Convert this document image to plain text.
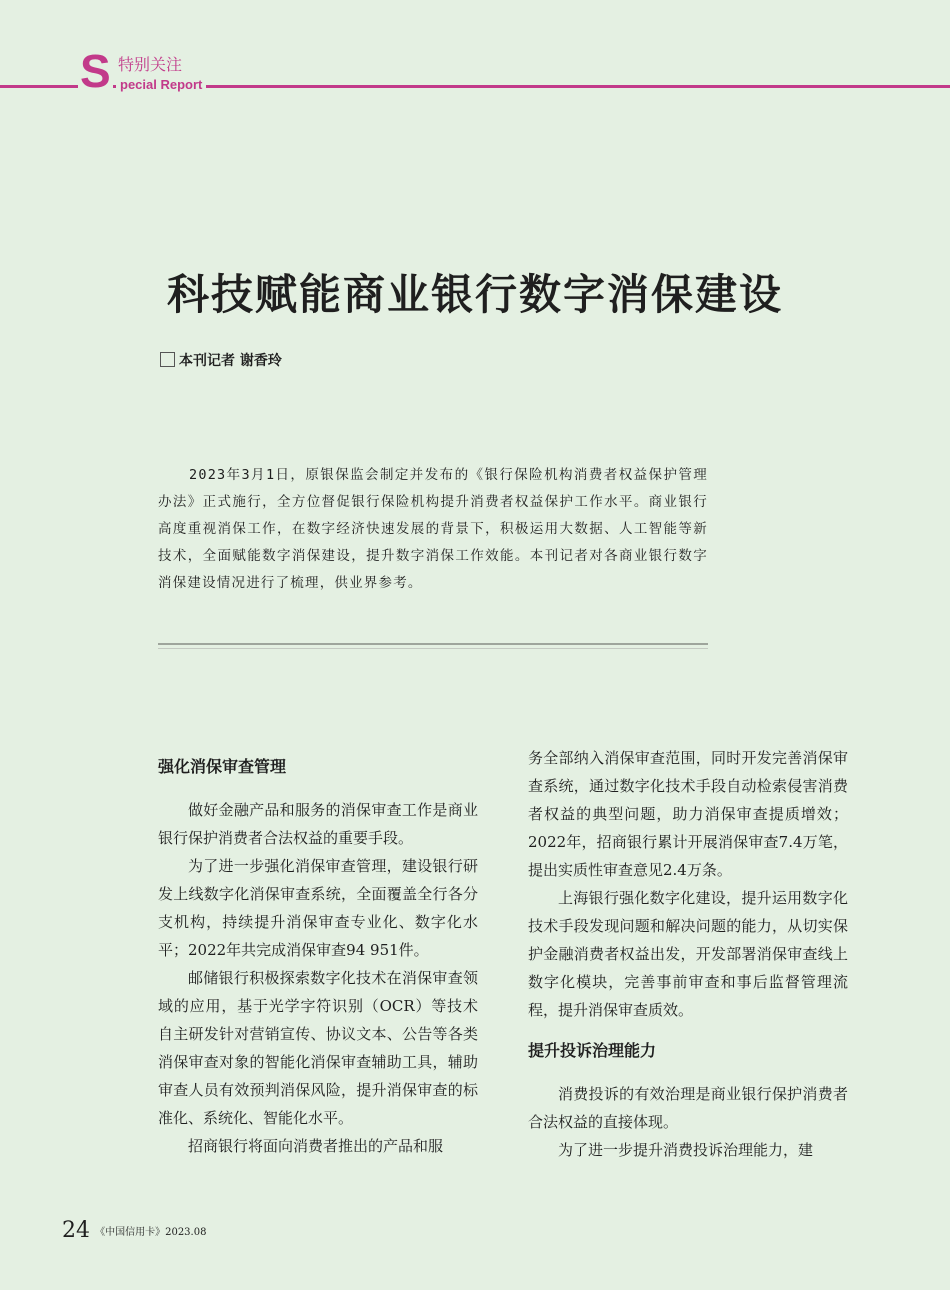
S 特别关注
pecial Report
科技赋能商业银行数字消保建设
本刊记者 谢香玲

2023年3月1日，原银保监会制定并发布的《银行保险机构消费者权益保护管理办法》正式施行，全方位督促银行保险机构提升消费者权益保护工作水平。商业银行高度重视消保工作，在数字经济快速发展的背景下，积极运用大数据、人工智能等新技术，全面赋能数字消保建设，提升数字消保工作效能。本刊记者对各商业银行数字消保建设情况进行了梳理，供业界参考。

强化消保审查管理

做好金融产品和服务的消保审查工作是商业银行保护消费者合法权益的重要手段。

为了进一步强化消保审查管理，建设银行研发上线数字化消保审查系统，全面覆盖全行各分支机构，持续提升消保审查专业化、数字化水平；2022年共完成消保审查94 951件。

邮储银行积极探索数字化技术在消保审查领域的应用，基于光学字符识别（OCR）等技术自主研发针对营销宣传、协议文本、公告等各类消保审查对象的智能化消保审查辅助工具，辅助审查人员有效预判消保风险，提升消保审查的标准化、系统化、智能化水平。

招商银行将面向消费者推出的产品和服

务全部纳入消保审查范围，同时开发完善消保审查系统，通过数字化技术手段自动检索侵害消费者权益的典型问题，助力消保审查提质增效；2022年，招商银行累计开展消保审查7.4万笔，提出实质性审查意见2.4万条。

上海银行强化数字化建设，提升运用数字化技术手段发现问题和解决问题的能力，从切实保护金融消费者权益出发，开发部署消保审查线上数字化模块，完善事前审查和事后监督管理流程，提升消保审查质效。

提升投诉治理能力

消费投诉的有效治理是商业银行保护消费者合法权益的直接体现。

为了进一步提升消费投诉治理能力，建

24 《中国信用卡》2023.08
